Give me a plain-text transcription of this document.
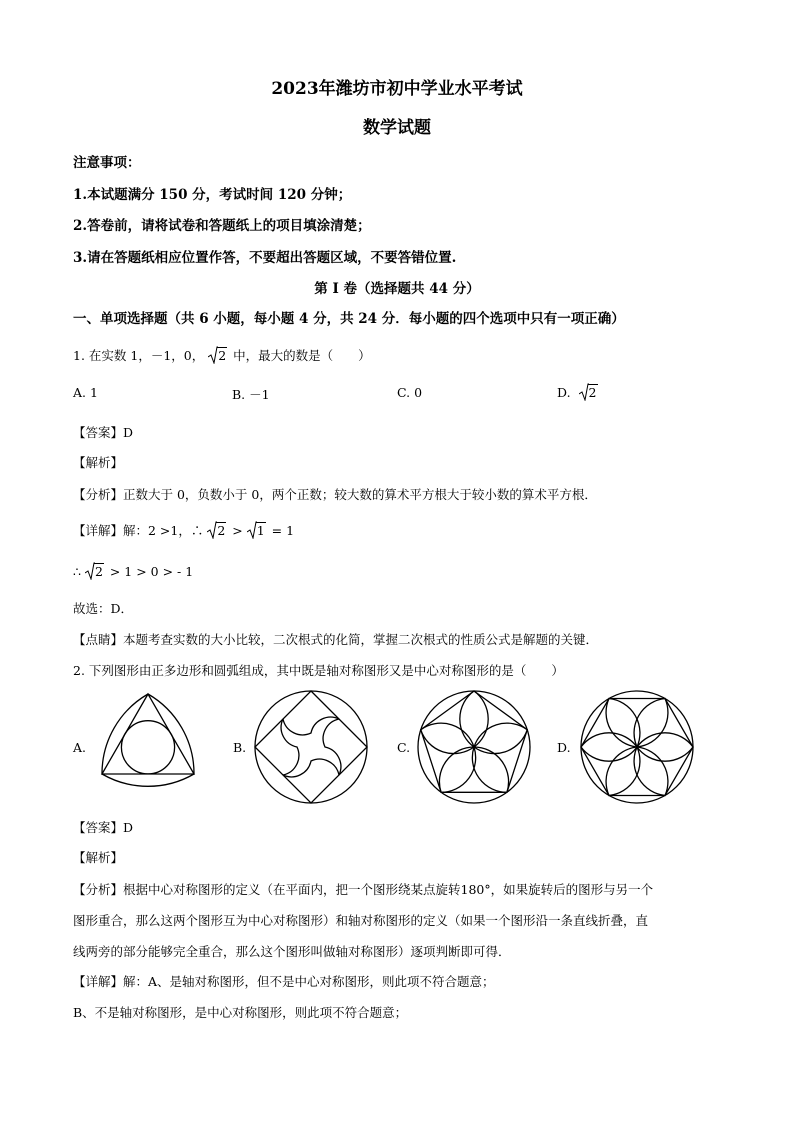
2023年潍坊市初中学业水平考试
数学试题
注意事项：
1.本试题满分 150 分，考试时间 120 分钟；
2.答卷前，请将试卷和答题纸上的项目填涂清楚；
3.请在答题纸相应位置作答，不要超出答题区域，不要答错位置.
第 I 卷（选择题共 44 分）
一、单项选择题（共 6 小题，每小题 4 分，共 24 分．每小题的四个选项中只有一项正确）
1. 在实数 1，－1，0， 2 中，最大的数是（　　）
A. 1	B. －1	C. 0	D. 2
【答案】D
【解析】
【分析】正数大于 0，负数小于 0，两个正数；较大数的算术平方根大于较小数的算术平方根．
【详解】解：2 >1，∴ 2 >
1 = 1
∴ 2 > 1 > 0 > - 1
故选：D．
【点睛】本题考查实数的大小比较，二次根式的化简，掌握二次根式的性质公式是解题的关键．
2. 下列图形由正多边形和圆弧组成，其中既是轴对称图形又是中心对称图形的是（　　）
A.	B.	C.	D.
【答案】D
【解析】
【分析】根据中心对称图形的定义（在平面内，把一个图形绕某点旋转180°，如果旋转后的图形与另一个
图形重合，那么这两个图形互为中心对称图形）和轴对称图形的定义（如果一个图形沿一条直线折叠，直
线两旁的部分能够完全重合，那么这个图形叫做轴对称图形）逐项判断即可得．
【详解】解：A、是轴对称图形，但不是中心对称图形，则此项不符合题意；
B、不是轴对称图形，是中心对称图形，则此项不符合题意；
